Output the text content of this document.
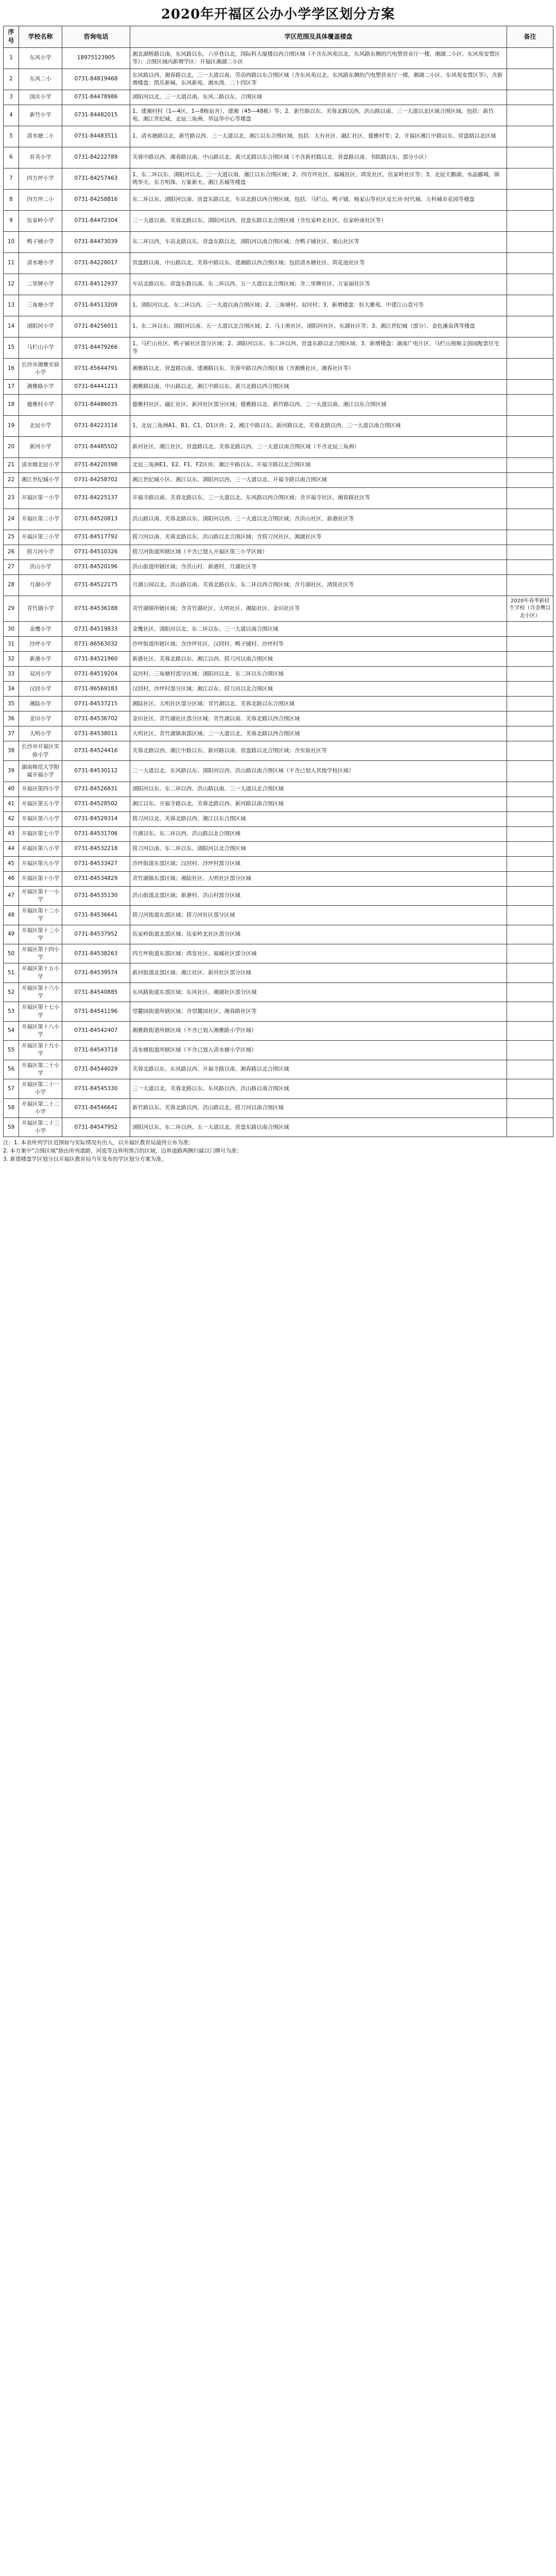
2020年开福区公办小学学区划分方案
序号	学校名称	咨询电话	学区范围及具体覆盖楼盘	备注
1	东风小学	18975123905	湘北湖桥路以南，东风路以东，六亭巷以北，国际科大厦楼以西合围区域（不含东风苑以北、东风路东侧的汽电塑营业厅一楼，湘湖二小区、东风苑安置区等）；合围区域内新增学区：开福区湘湖二小区	
2	东风二小	0731-84819468	东风路以西，湘春路以北，三一大道以南，劳动西路以东合围区域（含东风苑以北、东风路东侧的汽电塑营业厅一楼，湘湖二小区、东风苑安置区等），含新增楼盘：凯乐新城、东风新苑、湘水湾、二十四区等	
3	国庆小学	0731-84478986	浏阳河以北，三一大道以南，东风二路以东，合围区域	
4	新竹小学	0731-84482015	1、建湘村村（1—4区、1—8栋宿舍）、建湘（45—48栋）等；2、新竹路以东、芙蓉北路以西、洪山路以南、三一大道以北区域合围区域，包括：新竹苑、湘江世纪城、北辰三角洲、华远华中心等楼盘	
5	清水塘二小	0731-84483511	1、清水塘路以北、新竹路以西、三一大道以北、湘江以东合围区域，包括：大有社区、融汇社区、德雅村等；2、开福区湘江中路以东、营盘路以北区域	
6	育英小学	0731-84222789	芙蓉中路以西、湘春路以南、中山路以北、黄兴北路以东合围区域（不含新村路以北、营盘路以南、书院路以东、部分小区）	
7	四方坪小学	0731-84257463	1、东二环以东、浏阳河以北、三一大道以南、湘江以东合围区域；2、四方坪社区、福城社区、鸿发社区、伍家岭社区等；3、北辰天鹅湖、水晶郦城、锦绣华天、东方明珠、万象新天、湘江名城等楼盘	
8	四方坪二小	0731-84258816	东二环以东、浏阳河以南、营盘东路以北、车站北路以西合围区域，包括：马栏山、鸭子铺、杨家山等社区及长房·时代城、万科城市花园等楼盘	
9	伍家岭小学	0731-84472304	三一大道以南、芙蓉北路以东、浏阳河以西、营盘东路以北合围区域（含伍家岭北社区、伍家岭南社区等）	
10	鸭子铺小学	0731-84473039	东二环以西，车站北路以东，营盘东路以北，浏阳河以南合围区域；含鸭子铺社区、栗山社区等	
11	清水塘小学	0731-84228017	营盘路以南、中山路以北、芙蓉中路以东、建湘路以西合围区域；包括清水塘社区、荷花池社区等	
12	二里牌小学	0731-84512937	车站北路以东、营盘东路以南、东二环以西、五一大道以北合围区域；含二里牌社区、万家丽社区等	
13	三角塘小学	0731-84513208	1、浏阳河以北、东二环以西、三一大道以南合围区域；2、三角塘村、双河村；3、新增楼盘：恒大雅苑、中建江山壹号等	
14	浏阳河小学	0731-84256011	1、东二环以东、浏阳河以南、五一大道以北合围区域；2、马王堆社区、浏阳河社区、东湖社区等；3、湘江世纪城（部分）、金色溪泉湾等楼盘	
15	马栏山小学	0731-84479266	1、马栏山社区、鸭子铺社区部分区域；2、浏阳河以东、东二环以西、营盘东路以北合围区域；3、新增楼盘：湖南广电片区、马栏山视频文创园配套住宅等	
16	长沙市湘雅实验小学	0731-85644791	湘雅路以北、营盘路以南、建湘路以东、芙蓉中路以西合围区域（含湘雅社区、湘春社区等）	
17	湘雅路小学	0731-84441213	湘雅路以南、中山路以北、湘江中路以东、黄兴北路以西合围区域	
18	德雅村小学	0731-84486035	德雅村社区、融汇社区、新河社区部分区域；德雅路以北、新竹路以西、三一大道以南、湘江以东合围区域	
19	北辰小学	0731-84223116	1、北辰三角洲A1、B1、C1、D1区块；2、湘江中路以东、新河路以北、芙蓉北路以西、三一大道以南合围区域	
20	新河小学	0731-84485502	新河社区、湘江社区、营盘路以北、芙蓉北路以西、三一大道以南合围区域（不含北辰三角洲）	
21	清水塘北辰小学	0731-84220398	北辰三角洲E1、E2、F1、F2区块；湘江中路以东、开福寺路以北合围区域	
22	湘江世纪城小学	0731-84258702	湘江世纪城小区、湘江以东、浏阳河以西、三一大道以北、开福寺路以南合围区域	
23	开福区第一小学	0731-84225137	开福寺路以南、芙蓉北路以东、三一大道以北、东风路以西合围区域；含开福寺社区、湘春路社区等	
24	开福区第二小学	0731-84520813	洪山路以南、芙蓉北路以东、浏阳河以西、三一大道以北合围区域；含洪山社区、新港社区等	
25	开福区第三小学	0731-84517792	捞刀河以南、芙蓉北路以东、洪山路以北合围区域；含捞刀河社区、湘湖社区等	
26	捞刀河小学	0731-84510326	捞刀河街道所辖区域（不含已划入开福区第三小学区域）	
27	洪山小学	0731-84520196	洪山街道所辖区域；含洪山村、新港村、月湖社区等	
28	月湖小学	0731-84522175	月湖公园以北、洪山路以南、芙蓉北路以东、东二环以西合围区域；含月湖社区、鸿铭社区等	
29	青竹湖小学	0731-84536188	青竹湖镇所辖区域；含青竹湖社区、大明社区、湘陆社区、金田社区等	2020年春季新招生学校（含金鹰以北小区）
30	金鹰小学	0731-84519833	金鹰社区、浏阳河以北、东二环以东、三一大道以南合围区域	
31	沙坪小学	0731-86563032	沙坪街道所辖区域；含沙坪社区、汉回村、鸭子铺村、沙坪村等	
32	新港小学	0731-84521960	新港社区、芙蓉北路以东、湘江以西、捞刀河以南合围区域	
33	双河小学	0731-84519204	双河村、三角塘村部分区域；浏阳河以北、东二环以东合围区域	
34	汉回小学	0731-86569183	汉回村、沙坪村部分区域；湘江以东、捞刀河以北合围区域	
35	湘陆小学	0731-84537215	湘陆社区、大明社区部分区域；青竹湖以北、芙蓉北路以东合围区域	
36	金田小学	0731-84536702	金田社区、青竹湖社区部分区域；青竹湖以南、芙蓉北路以西合围区域	
37	大明小学	0731-84538011	大明社区、青竹湖镇南部区域；三一大道以北、芙蓉北路以西合围区域	
38	长沙市开福区实验小学	0731-84524416	芙蓉北路以西、湘江中路以东、新河路以南、营盘路以北合围区域；含实验社区等	
39	湖南师范大学附属开福小学	0731-84530112	三一大道以北、东风路以东、浏阳河以西、洪山路以南合围区域（不含已划入其他学校区域）	
40	开福区第四小学	0731-84526831	浏阳河以东、东二环以西、洪山路以南、三一大道以北合围区域	
41	开福区第五小学	0731-84528502	湘江以东、开福寺路以北、芙蓉北路以西、新河路以南合围区域	
42	开福区第六小学	0731-84529314	捞刀河以北、芙蓉北路以西、湘江以东合围区域	
43	开福区第七小学	0731-84531706	月湖以东、东二环以西、洪山路以北合围区域	
44	开福区第八小学	0731-84532218	捞刀河以南、东二环以东、浏阳河以北合围区域	
45	开福区第九小学	0731-84533427	沙坪街道东部区域；汉回村、沙坪村部分区域	
46	开福区第十小学	0731-84534829	青竹湖镇东部区域；湘陆社区、大明社区部分区域	
47	开福区第十一小学	0731-84535130	洪山街道北部区域；新港村、洪山村部分区域	
48	开福区第十二小学	0731-84536641	捞刀河街道东部区域；捞刀河社区部分区域	
49	开福区第十三小学	0731-84537952	伍家岭街道北部区域；伍家岭北社区部分区域	
50	开福区第十四小学	0731-84538263	四方坪街道东部区域；鸿发社区、福城社区部分区域	
51	开福区第十五小学	0731-84539574	新河街道北部区域；湘江社区、新河社区部分区域	
52	开福区第十六小学	0731-84540885	东风路街道东部区域；东风社区、湘湖社区部分区域	
53	开福区第十七小学	0731-84541196	望麓园街道所辖区域；含望麓园社区、湘春路社区等	
54	开福区第十八小学	0731-84542407	湘雅路街道所辖区域（不含已划入湘雅路小学区域）	
55	开福区第十九小学	0731-84543718	清水塘街道所辖区域（不含已划入清水塘小学区域）	
56	开福区第二十小学	0731-84544029	芙蓉北路以东、东风路以西、开福寺路以南、湘春路以北合围区域	
57	开福区第二十一小学	0731-84545330	三一大道以北、芙蓉北路以东、东风路以西、洪山路以南合围区域	
58	开福区第二十二小学	0731-84546641	新竹路以东、芙蓉北路以西、洪山路以北、捞刀河以南合围区域	
59	开福区第二十三小学	0731-84547952	浏阳河以东、东二环以西、五一大道以北、营盘东路以南合围区域	
注：1. 本表所列学区范围如与实际情况有出入，以开福区教育局最终公布为准；
2. 本方案中"合围区域"指由所列道路、河流等边界所围合的区域，边界道路两侧归属以门牌号为准；
3. 新建楼盘学区划分以开福区教育局当年发布的学区划分方案为准。
